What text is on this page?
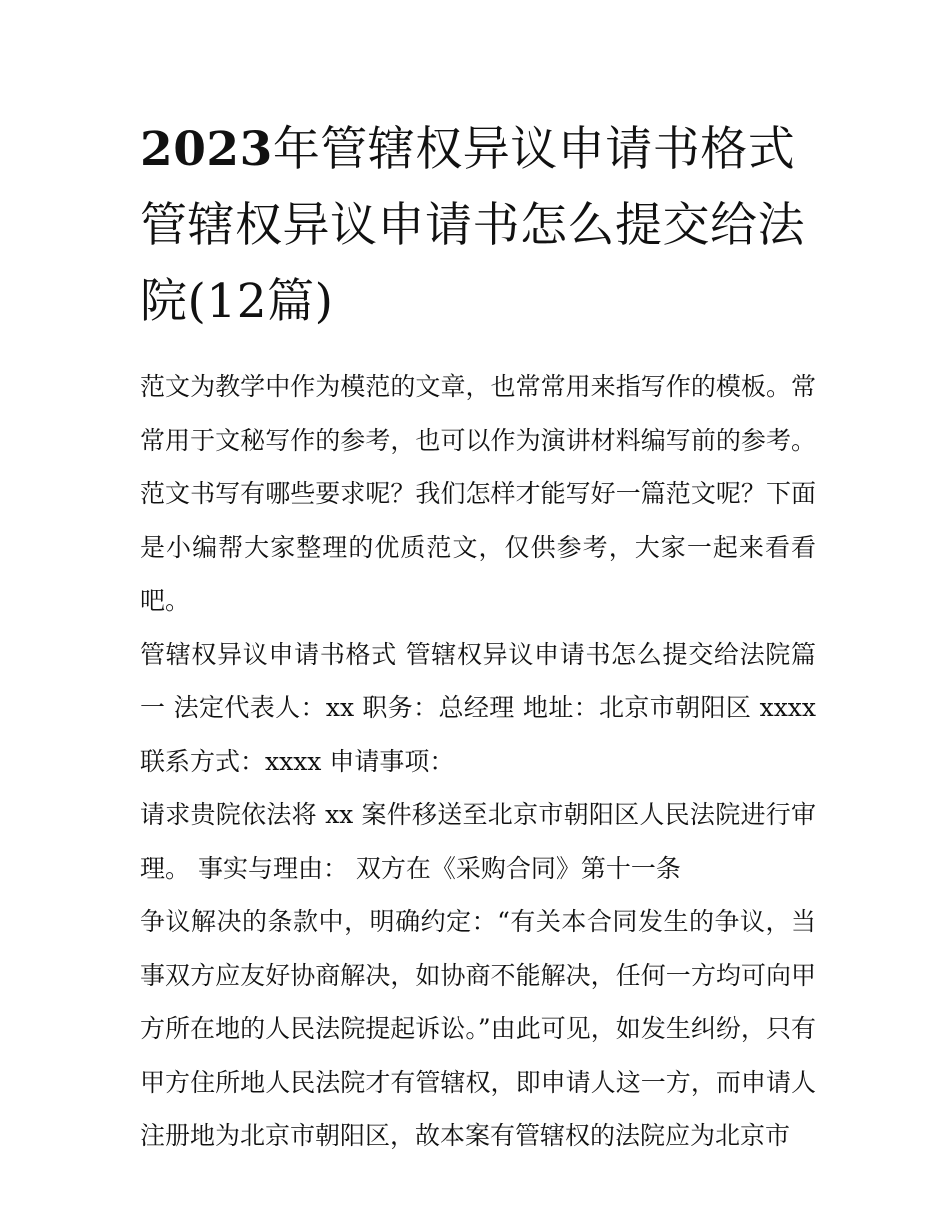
2023年管辖权异议申请书格式管辖权异议申请书怎么提交给法院(12篇)

范文为教学中作为模范的文章，也常常用来指写作的模板。常常用于文秘写作的参考，也可以作为演讲材料编写前的参考。范文书写有哪些要求呢？我们怎样才能写好一篇范文呢？下面是小编帮大家整理的优质范文，仅供参考，大家一起来看看吧。

管辖权异议申请书格式 管辖权异议申请书怎么提交给法院篇一 法定代表人：xx 职务：总经理 地址：北京市朝阳区 xxxx 联系方式：xxxx 申请事项：

请求贵院依法将 xx 案件移送至北京市朝阳区人民法院进行审理。 事实与理由： 双方在《采购合同》第十一条

争议解决的条款中，明确约定：“有关本合同发生的争议，当事双方应友好协商解决，如协商不能解决，任何一方均可向甲方所在地的人民法院提起诉讼。”由此可见，如发生纠纷，只有甲方住所地人民法院才有管辖权，即申请人这一方，而申请人注册地为北京市朝阳区，故本案有管辖权的法院应为北京市
